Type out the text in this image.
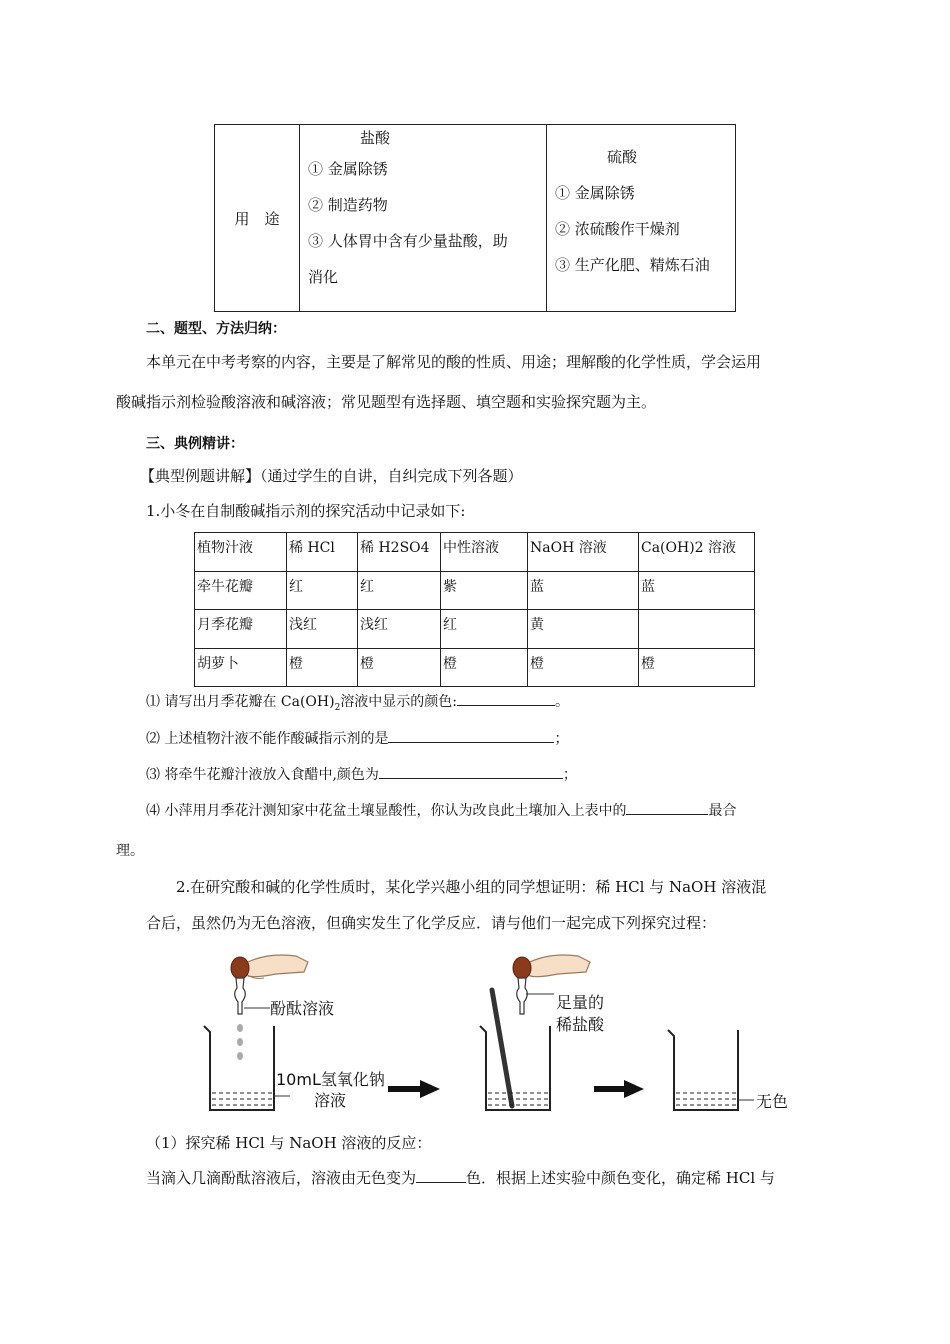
用　途	
盐酸
① 金属除锈
② 制造药物
③ 人体胃中含有少量盐酸，助
消化

硫酸
① 金属除锈
② 浓硫酸作干燥剂
③ 生产化肥、精炼石油
二、题型、方法归纳：
本单元在中考考察的内容，主要是了解常见的酸的性质、用途；理解酸的化学性质，学会运用
酸碱指示剂检验酸溶液和碱溶液；常见题型有选择题、填空题和实验探究题为主。
三、典例精讲：
【典型例题讲解】（通过学生的自讲，自纠完成下列各题）
1.小冬在自制酸碱指示剂的探究活动中记录如下:
植物汁液	稀 HCl	稀 H2SO4	中性溶液	NaOH 溶液	Ca(OH)2 溶液
牵牛花瓣	红	红	紫	蓝	蓝
月季花瓣	浅红	浅红	红	黄	
胡萝卜	橙	橙	橙	橙	橙
⑴ 请写出月季花瓣在 $Ca(OH)_2$溶液中显示的颜色:	。
⑵ 上述植物汁液不能作酸碱指示剂的是	；
⑶ 将牵牛花瓣汁液放入食醋中,颜色为	；
⑷ 小萍用月季花汁测知家中花盆土壤显酸性，你认为改良此土壤加入上表中的	最合
理。
2.在研究酸和碱的化学性质时，某化学兴趣小组的同学想证明：稀 HCl 与 NaOH 溶液混
合后，虽然仍为无色溶液，但确实发生了化学反应．请与他们一起完成下列探究过程：
酚酞溶液
10mL氢氧化钠
溶液
足量的
稀盐酸
无色
（1）探究稀 HCl 与 NaOH 溶液的反应：
当滴入几滴酚酞溶液后，溶液由无色变为	色．根据上述实验中颜色变化，确定稀 HCl 与
